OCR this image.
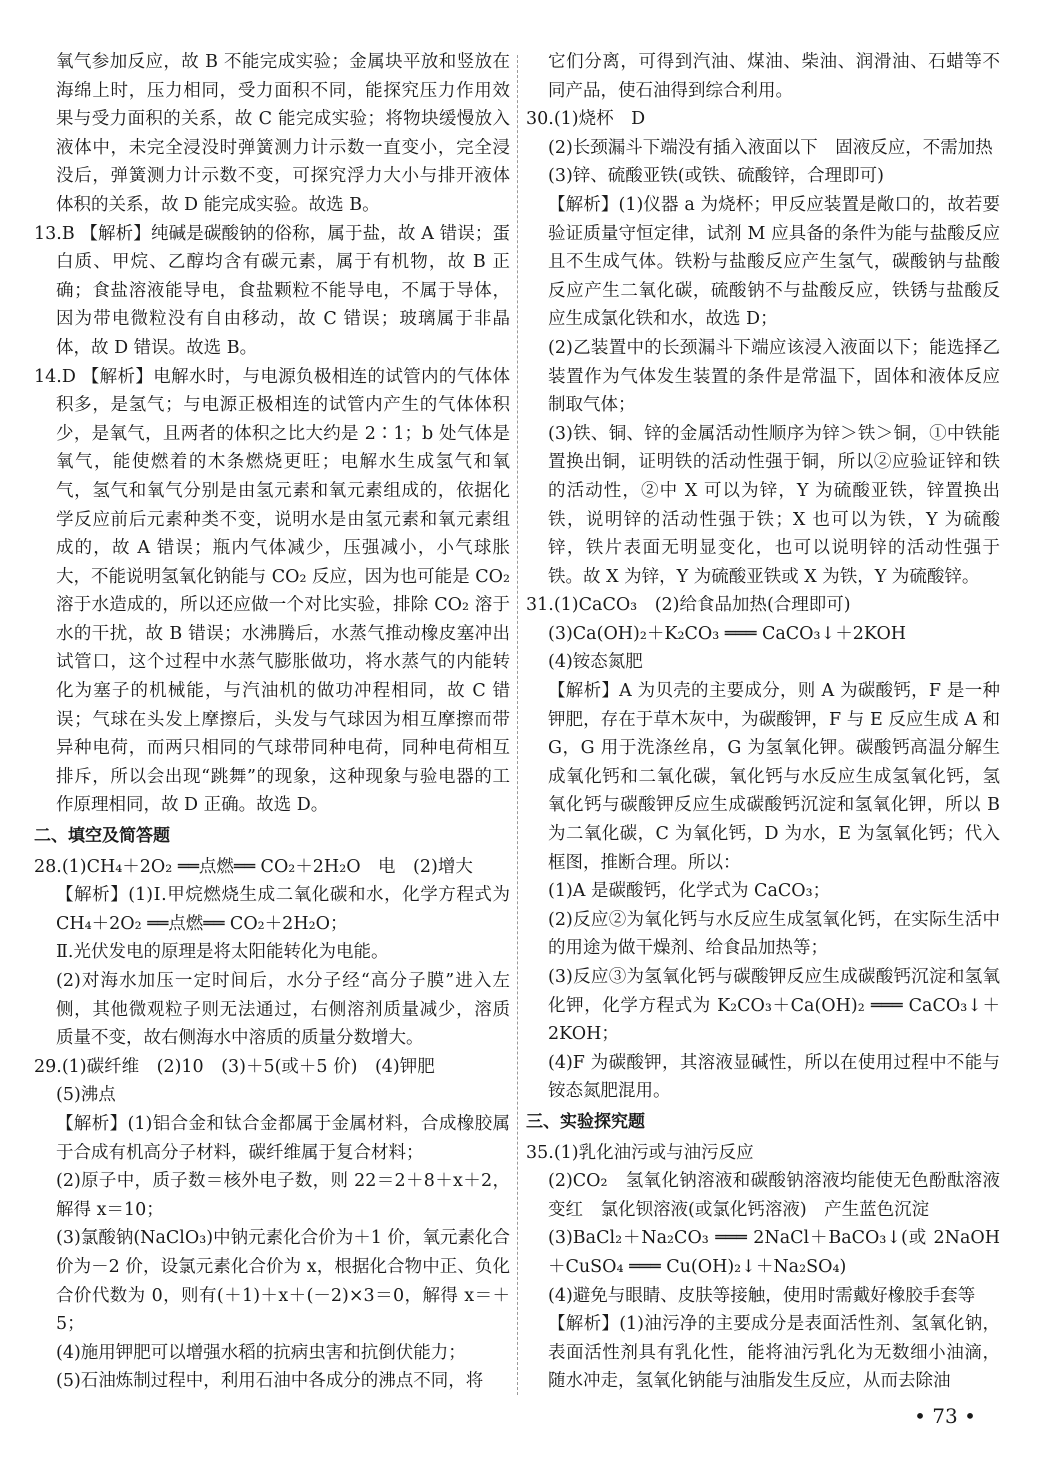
氧气参加反应，故 B 不能完成实验；金属块平放和竖放在海绵上时，压力相同，受力面积不同，能探究压力作用效果与受力面积的关系，故 C 能完成实验；将物块缓慢放入液体中，未完全浸没时弹簧测力计示数一直变小，完全浸没后，弹簧测力计示数不变，可探究浮力大小与排开液体体积的关系，故 D 能完成实验。故选 B。

13.B 【解析】纯碱是碳酸钠的俗称，属于盐，故 A 错误；蛋白质、甲烷、乙醇均含有碳元素，属于有机物，故 B 正确；食盐溶液能导电，食盐颗粒不能导电，不属于导体，因为带电微粒没有自由移动，故 C 错误；玻璃属于非晶体，故 D 错误。故选 B。

14.D 【解析】电解水时，与电源负极相连的试管内的气体体积多，是氢气；与电源正极相连的试管内产生的气体体积少，是氧气，且两者的体积之比大约是 2∶1；b 处气体是氧气，能使燃着的木条燃烧更旺；电解水生成氢气和氧气，氢气和氧气分别是由氢元素和氧元素组成的，依据化学反应前后元素种类不变，说明水是由氢元素和氧元素组成的，故 A 错误；瓶内气体减少，压强减小，小气球胀大，不能说明氢氧化钠能与 CO₂ 反应，因为也可能是 CO₂ 溶于水造成的，所以还应做一个对比实验，排除 CO₂ 溶于水的干扰，故 B 错误；水沸腾后，水蒸气推动橡皮塞冲出试管口，这个过程中水蒸气膨胀做功，将水蒸气的内能转化为塞子的机械能，与汽油机的做功冲程相同，故 C 错误；气球在头发上摩擦后，头发与气球因为相互摩擦而带异种电荷，而两只相同的气球带同种电荷，同种电荷相互排斥，所以会出现“跳舞”的现象，这种现象与验电器的工作原理相同，故 D 正确。故选 D。

二、填空及简答题

28.(1)CH₄＋2O₂ ══点燃══ CO₂＋2H₂O　电　(2)增大

【解析】(1)Ⅰ.甲烷燃烧生成二氧化碳和水，化学方程式为 CH₄＋2O₂ ══点燃══ CO₂＋2H₂O；

Ⅱ.光伏发电的原理是将太阳能转化为电能。

(2)对海水加压一定时间后，水分子经“高分子膜”进入左侧，其他微观粒子则无法通过，右侧溶剂质量减少，溶质质量不变，故右侧海水中溶质的质量分数增大。

29.(1)碳纤维　(2)10　(3)＋5(或＋5 价)　(4)钾肥

(5)沸点

【解析】(1)铝合金和钛合金都属于金属材料，合成橡胶属于合成有机高分子材料，碳纤维属于复合材料；

(2)原子中，质子数＝核外电子数，则 22＝2＋8＋x＋2，解得 x＝10；

(3)氯酸钠(NaClO₃)中钠元素化合价为＋1 价，氧元素化合价为－2 价，设氯元素化合价为 x，根据化合物中正、负化合价代数为 0，则有(＋1)＋x＋(－2)×3＝0，解得 x＝＋5；

(4)施用钾肥可以增强水稻的抗病虫害和抗倒伏能力；

(5)石油炼制过程中，利用石油中各成分的沸点不同，将

它们分离，可得到汽油、煤油、柴油、润滑油、石蜡等不同产品，使石油得到综合利用。

30.(1)烧杯　D

(2)长颈漏斗下端没有插入液面以下　固液反应，不需加热

(3)锌、硫酸亚铁(或铁、硫酸锌，合理即可)

【解析】(1)仪器 a 为烧杯；甲反应装置是敞口的，故若要验证质量守恒定律，试剂 M 应具备的条件为能与盐酸反应且不生成气体。铁粉与盐酸反应产生氢气，碳酸钠与盐酸反应产生二氧化碳，硫酸钠不与盐酸反应，铁锈与盐酸反应生成氯化铁和水，故选 D；

(2)乙装置中的长颈漏斗下端应该浸入液面以下；能选择乙装置作为气体发生装置的条件是常温下，固体和液体反应制取气体；

(3)铁、铜、锌的金属活动性顺序为锌＞铁＞铜，①中铁能置换出铜，证明铁的活动性强于铜，所以②应验证锌和铁的活动性，②中 X 可以为锌，Y 为硫酸亚铁，锌置换出铁，说明锌的活动性强于铁；X 也可以为铁，Y 为硫酸锌，铁片表面无明显变化，也可以说明锌的活动性强于铁。故 X 为锌，Y 为硫酸亚铁或 X 为铁，Y 为硫酸锌。

31.(1)CaCO₃　(2)给食品加热(合理即可)

(3)Ca(OH)₂＋K₂CO₃ ═══ CaCO₃↓＋2KOH

(4)铵态氮肥

【解析】A 为贝壳的主要成分，则 A 为碳酸钙，F 是一种钾肥，存在于草木灰中，为碳酸钾，F 与 E 反应生成 A 和 G，G 用于洗涤丝帛，G 为氢氧化钾。碳酸钙高温分解生成氧化钙和二氧化碳，氧化钙与水反应生成氢氧化钙，氢氧化钙与碳酸钾反应生成碳酸钙沉淀和氢氧化钾，所以 B 为二氧化碳，C 为氧化钙，D 为水，E 为氢氧化钙；代入框图，推断合理。所以：

(1)A 是碳酸钙，化学式为 CaCO₃；

(2)反应②为氧化钙与水反应生成氢氧化钙，在实际生活中的用途为做干燥剂、给食品加热等；

(3)反应③为氢氧化钙与碳酸钾反应生成碳酸钙沉淀和氢氧化钾，化学方程式为 K₂CO₃＋Ca(OH)₂ ═══ CaCO₃↓＋2KOH；

(4)F 为碳酸钾，其溶液显碱性，所以在使用过程中不能与铵态氮肥混用。

三、实验探究题

35.(1)乳化油污或与油污反应

(2)CO₂　氢氧化钠溶液和碳酸钠溶液均能使无色酚酞溶液变红　氯化钡溶液(或氯化钙溶液)　产生蓝色沉淀

(3)BaCl₂＋Na₂CO₃ ═══ 2NaCl＋BaCO₃↓(或 2NaOH＋CuSO₄ ═══ Cu(OH)₂↓＋Na₂SO₄)

(4)避免与眼睛、皮肤等接触，使用时需戴好橡胶手套等

【解析】(1)油污净的主要成分是表面活性剂、氢氧化钠，表面活性剂具有乳化性，能将油污乳化为无数细小油滴，随水冲走，氢氧化钠能与油脂发生反应，从而去除油

• 73 •
